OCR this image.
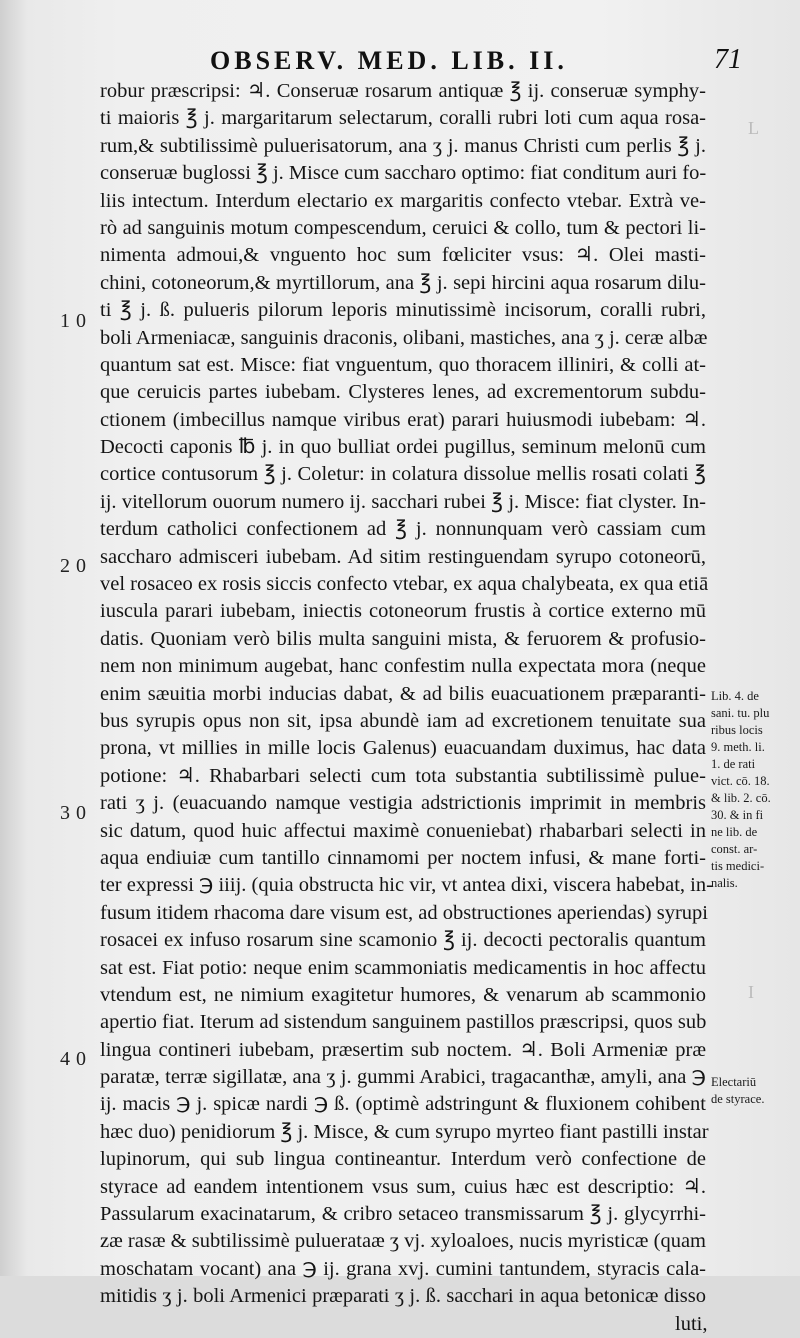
L
I
OBSERV. MED. LIB. II.	71
10
20
30
40
robur præscripsi: ♃. Conseruæ rosarum antiquæ ℥ ij. conseruæ symphy-
ti maioris ℥ j. margaritarum selectarum, coralli rubri loti cum aqua rosa-
rum,& subtilissimè puluerisatorum, ana ʒ j. manus Christi cum perlis ℥ j.
conseruæ buglossi ℥ j. Misce cum saccharo optimo: fiat conditum auri fo-
liis intectum. Interdum electario ex margaritis confecto vtebar. Extrà ve-
rò ad sanguinis motum compescendum, ceruici & collo, tum & pectori li-
nimenta admoui,& vnguento hoc sum fœliciter vsus: ♃. Olei masti-
chini, cotoneorum,& myrtillorum, ana ℥ j. sepi hircini aqua rosarum dilu-
ti ℥ j. ß. pulueris pilorum leporis minutissimè incisorum, coralli rubri,
boli Armeniacæ, sanguinis draconis, olibani, mastiches, ana ʒ j. ceræ albæ
quantum sat est. Misce: fiat vnguentum, quo thoracem illiniri, & colli at-
que ceruicis partes iubebam. Clysteres lenes, ad excrementorum subdu-
ctionem (imbecillus namque viribus erat) parari huiusmodi iubebam: ♃.
Decocti caponis ℔ j. in quo bulliat ordei pugillus, seminum melonū cum
cortice contusorum ℥ j. Coletur: in colatura dissolue mellis rosati colati ℥
ij. vitellorum ouorum numero ij. sacchari rubei ℥ j. Misce: fiat clyster. In-
terdum catholici confectionem ad ℥ j. nonnunquam verò cassiam cum
saccharo admisceri iubebam. Ad sitim restinguendam syrupo cotoneorū,
vel rosaceo ex rosis siccis confecto vtebar, ex aqua chalybeata, ex qua etiā
iuscula parari iubebam, iniectis cotoneorum frustis à cortice externo mū
datis. Quoniam verò bilis multa sanguini mista, & feruorem & profusio-
nem non minimum augebat, hanc confestim nulla expectata mora (neque
enim sæuitia morbi inducias dabat, & ad bilis euacuationem præparanti-
bus syrupis opus non sit, ipsa abundè iam ad excretionem tenuitate sua
prona, vt millies in mille locis Galenus) euacuandam duximus, hac data
potione: ♃. Rhabarbari selecti cum tota substantia subtilissimè pulue-
rati ʒ j. (euacuando namque vestigia adstrictionis imprimit in membris
sic datum, quod huic affectui maximè conueniebat) rhabarbari selecti in
aqua endiuiæ cum tantillo cinnamomi per noctem infusi, & mane forti-
ter expressi ℈ iiij. (quia obstructa hic vir, vt antea dixi, viscera habebat, in-
fusum itidem rhacoma dare visum est, ad obstructiones aperiendas) syrupi
rosacei ex infuso rosarum sine scamonio ℥ ij. decocti pectoralis quantum
sat est. Fiat potio: neque enim scammoniatis medicamentis in hoc affectu
vtendum est, ne nimium exagitetur humores, & venarum ab scammonio
apertio fiat. Iterum ad sistendum sanguinem pastillos præscripsi, quos sub
lingua contineri iubebam, præsertim sub noctem. ♃. Boli Armeniæ præ
paratæ, terræ sigillatæ, ana ʒ j. gummi Arabici, tragacanthæ, amyli, ana ℈
ij. macis ℈ j. spicæ nardi ℈ ß. (optimè adstringunt & fluxionem cohibent
hæc duo) penidiorum ℥ j. Misce, & cum syrupo myrteo fiant pastilli instar
lupinorum, qui sub lingua contineantur. Interdum verò confectione de
styrace ad eandem intentionem vsus sum, cuius hæc est descriptio: ♃.
Passularum exacinatarum, & cribro setaceo transmissarum ℥ j. glycyrrhi-
zæ rasæ & subtilissimè puluerataæ ʒ vj. xyloaloes, nucis myristicæ (quam
moschatam vocant) ana ℈ ij. grana xvj. cumini tantundem, styracis cala-
mitidis ʒ j. boli Armenici præparati ʒ j. ß. sacchari in aqua betonicæ disso
luti,
Lib. 4. de
sani. tu. plu
ribus locis
9. meth. li.
1. de rati
vict. cō. 18.
& lib. 2. cō.
30. & in fi
ne lib. de
const. ar-
tis medici-
nalis.
Electariū
de styrace.
